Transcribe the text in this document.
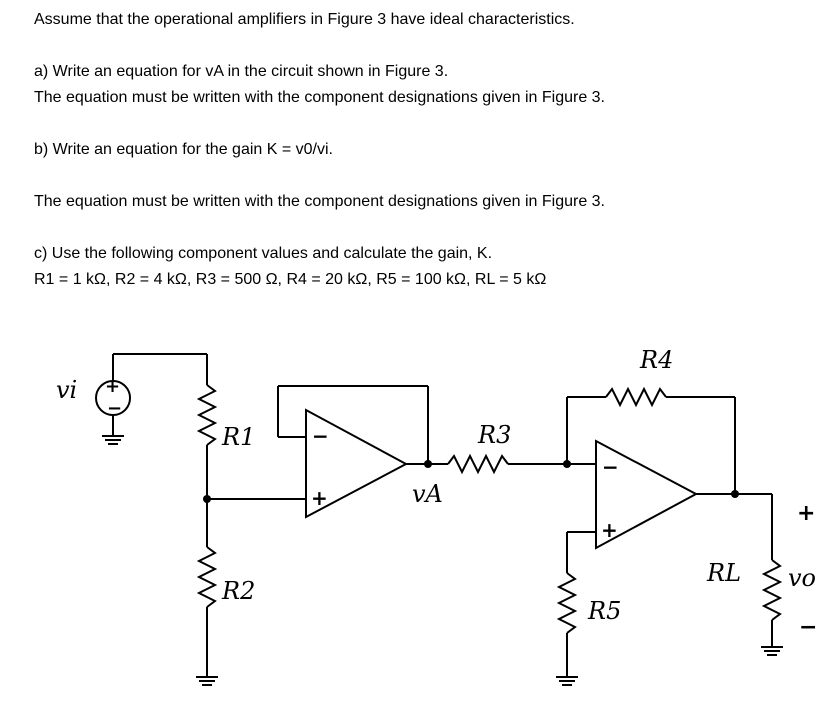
Assume that the operational amplifiers in Figure 3 have ideal characteristics.
a) Write an equation for vA in the circuit shown in Figure 3.
The equation must be written with the component designations given in Figure 3.
b) Write an equation for the gain K = v0/vi.
The equation must be written with the component designations given in Figure 3.
c) Use the following component values and calculate the gain, K.
R1 = 1 kΩ, R2 = 4 kΩ, R3 = 500 Ω, R4 = 20 kΩ, R5 = 100 kΩ, RL = 5 kΩ
+
−
−
+
−
+
+
−
vi
R1
R2
R3
R4
R5
RL
vA
vo
